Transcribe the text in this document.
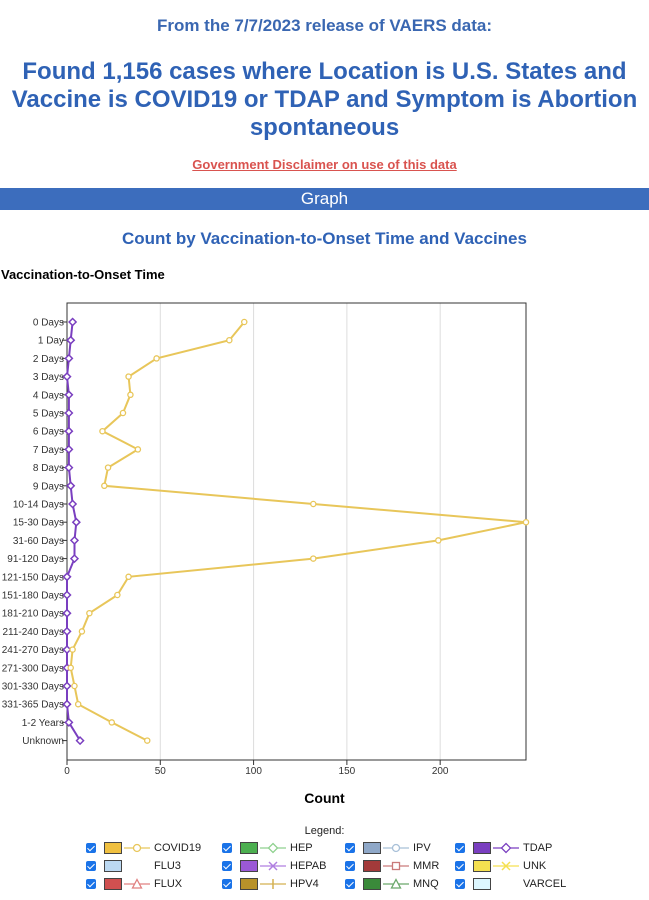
From the 7/7/2023 release of VAERS data:
Found 1,156 cases where Location is U.S. States and
Vaccine is COVID19 or TDAP and Symptom is Abortion
spontaneous
Government Disclaimer on use of this data
Graph
Count by Vaccination-to-Onset Time and Vaccines
Vaccination-to-Onset Time
0 Days
1 Day
2 Days
3 Days
4 Days
5 Days
6 Days
7 Days
8 Days
9 Days
10-14 Days
15-30 Days
31-60 Days
91-120 Days
121-150 Days
151-180 Days
181-210 Days
211-240 Days
241-270 Days
271-300 Days
301-330 Days
331-365 Days
1-2 Years
Unknown
0	50	100	150	200
Count
Legend:
COVID19	HEP	IPV	TDAP
FLU3	HEPAB	MMR	UNK
FLUX	HPV4	MNQ	VARCEL
